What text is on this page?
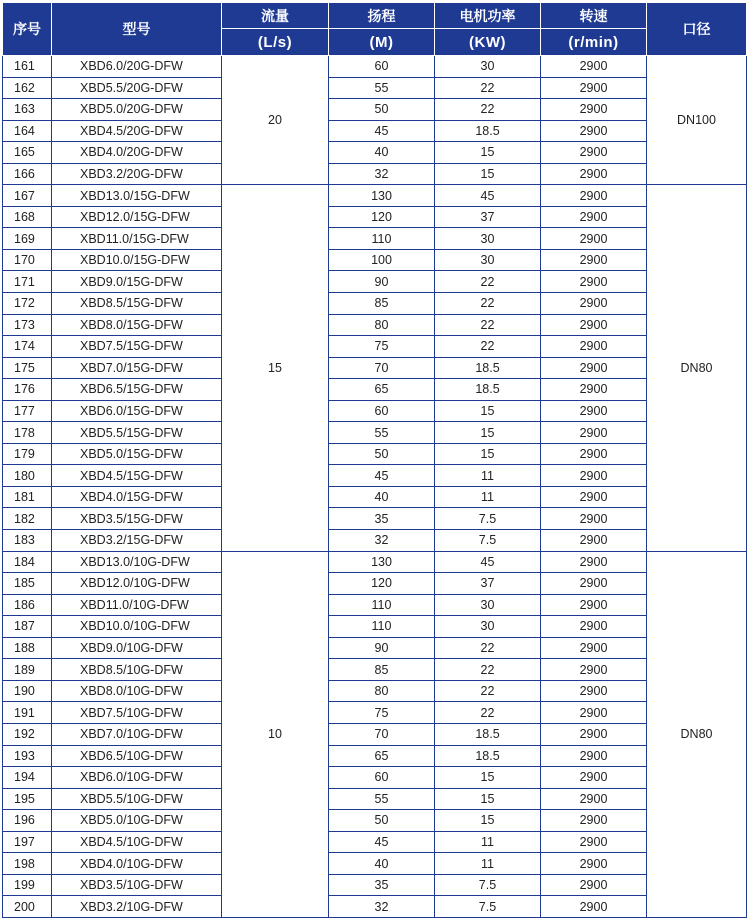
序号	型号	流量	扬程	电机功率	转速	口径
		(L/s)	(M)	(KW)	(r/min)	
161	XBD6.0/20G-DFW	20	60	30	2900	DN100
162	XBD5.5/20G-DFW		55	22	2900	
163	XBD5.0/20G-DFW		50	22	2900	
164	XBD4.5/20G-DFW		45	18.5	2900	
165	XBD4.0/20G-DFW		40	15	2900	
166	XBD3.2/20G-DFW		32	15	2900	
167	XBD13.0/15G-DFW	15	130	45	2900	DN80
168	XBD12.0/15G-DFW		120	37	2900	
169	XBD11.0/15G-DFW		110	30	2900	
170	XBD10.0/15G-DFW		100	30	2900	
171	XBD9.0/15G-DFW		90	22	2900	
172	XBD8.5/15G-DFW		85	22	2900	
173	XBD8.0/15G-DFW		80	22	2900	
174	XBD7.5/15G-DFW		75	22	2900	
175	XBD7.0/15G-DFW		70	18.5	2900	
176	XBD6.5/15G-DFW		65	18.5	2900	
177	XBD6.0/15G-DFW		60	15	2900	
178	XBD5.5/15G-DFW		55	15	2900	
179	XBD5.0/15G-DFW		50	15	2900	
180	XBD4.5/15G-DFW		45	11	2900	
181	XBD4.0/15G-DFW		40	11	2900	
182	XBD3.5/15G-DFW		35	7.5	2900	
183	XBD3.2/15G-DFW		32	7.5	2900	
184	XBD13.0/10G-DFW	10	130	45	2900	DN80
185	XBD12.0/10G-DFW		120	37	2900	
186	XBD11.0/10G-DFW		110	30	2900	
187	XBD10.0/10G-DFW		110	30	2900	
188	XBD9.0/10G-DFW		90	22	2900	
189	XBD8.5/10G-DFW		85	22	2900	
190	XBD8.0/10G-DFW		80	22	2900	
191	XBD7.5/10G-DFW		75	22	2900	
192	XBD7.0/10G-DFW		70	18.5	2900	
193	XBD6.5/10G-DFW		65	18.5	2900	
194	XBD6.0/10G-DFW		60	15	2900	
195	XBD5.5/10G-DFW		55	15	2900	
196	XBD5.0/10G-DFW		50	15	2900	
197	XBD4.5/10G-DFW		45	11	2900	
198	XBD4.0/10G-DFW		40	11	2900	
199	XBD3.5/10G-DFW		35	7.5	2900	
200	XBD3.2/10G-DFW		32	7.5	2900	
